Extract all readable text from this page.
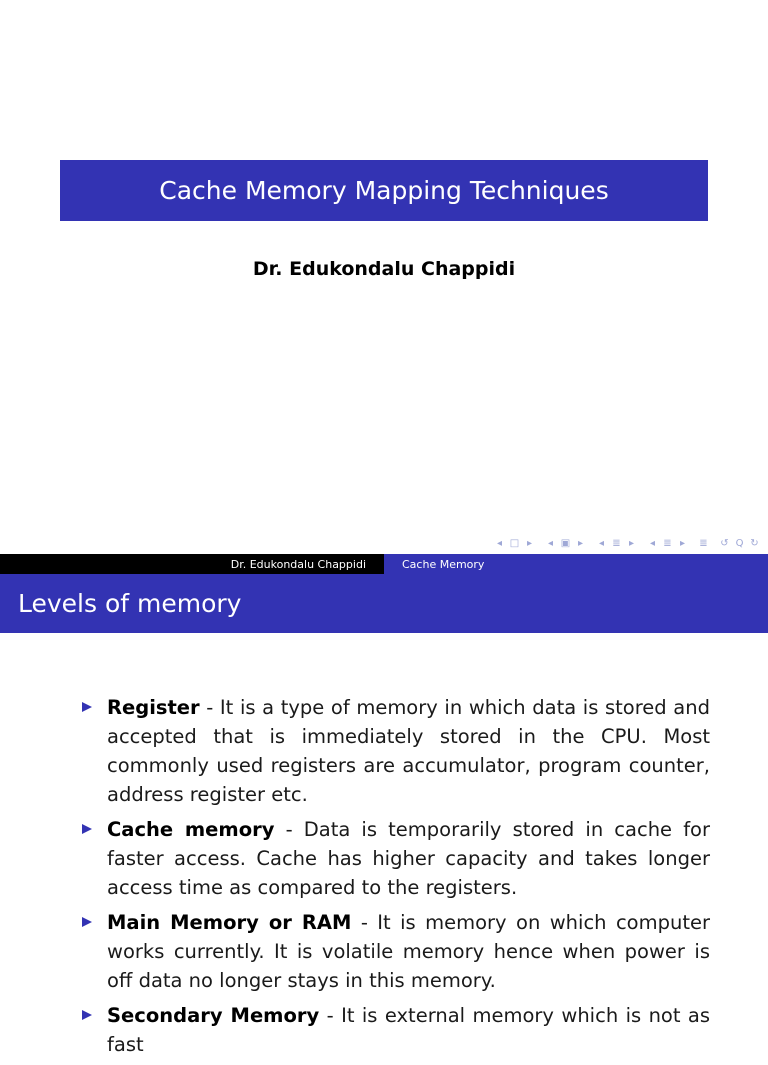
Cache Memory Mapping Techniques
Dr. Edukondalu Chappidi
◂ □ ▸ ◂ ▣ ▸ ◂ ≣ ▸ ◂ ≣ ▸ ≣ ↺ Q ↻
Dr. Edukondalu Chappidi	Cache Memory
Levels of memory
Register - It is a type of memory in which data is stored and accepted that is immediately stored in the CPU. Most commonly used registers are accumulator, program counter, address register etc.
Cache memory - Data is temporarily stored in cache for faster access. Cache has higher capacity and takes longer access time as compared to the registers.
Main Memory or RAM - It is memory on which computer works currently. It is volatile memory hence when power is off data no longer stays in this memory.
Secondary Memory - It is external memory which is not as fast
